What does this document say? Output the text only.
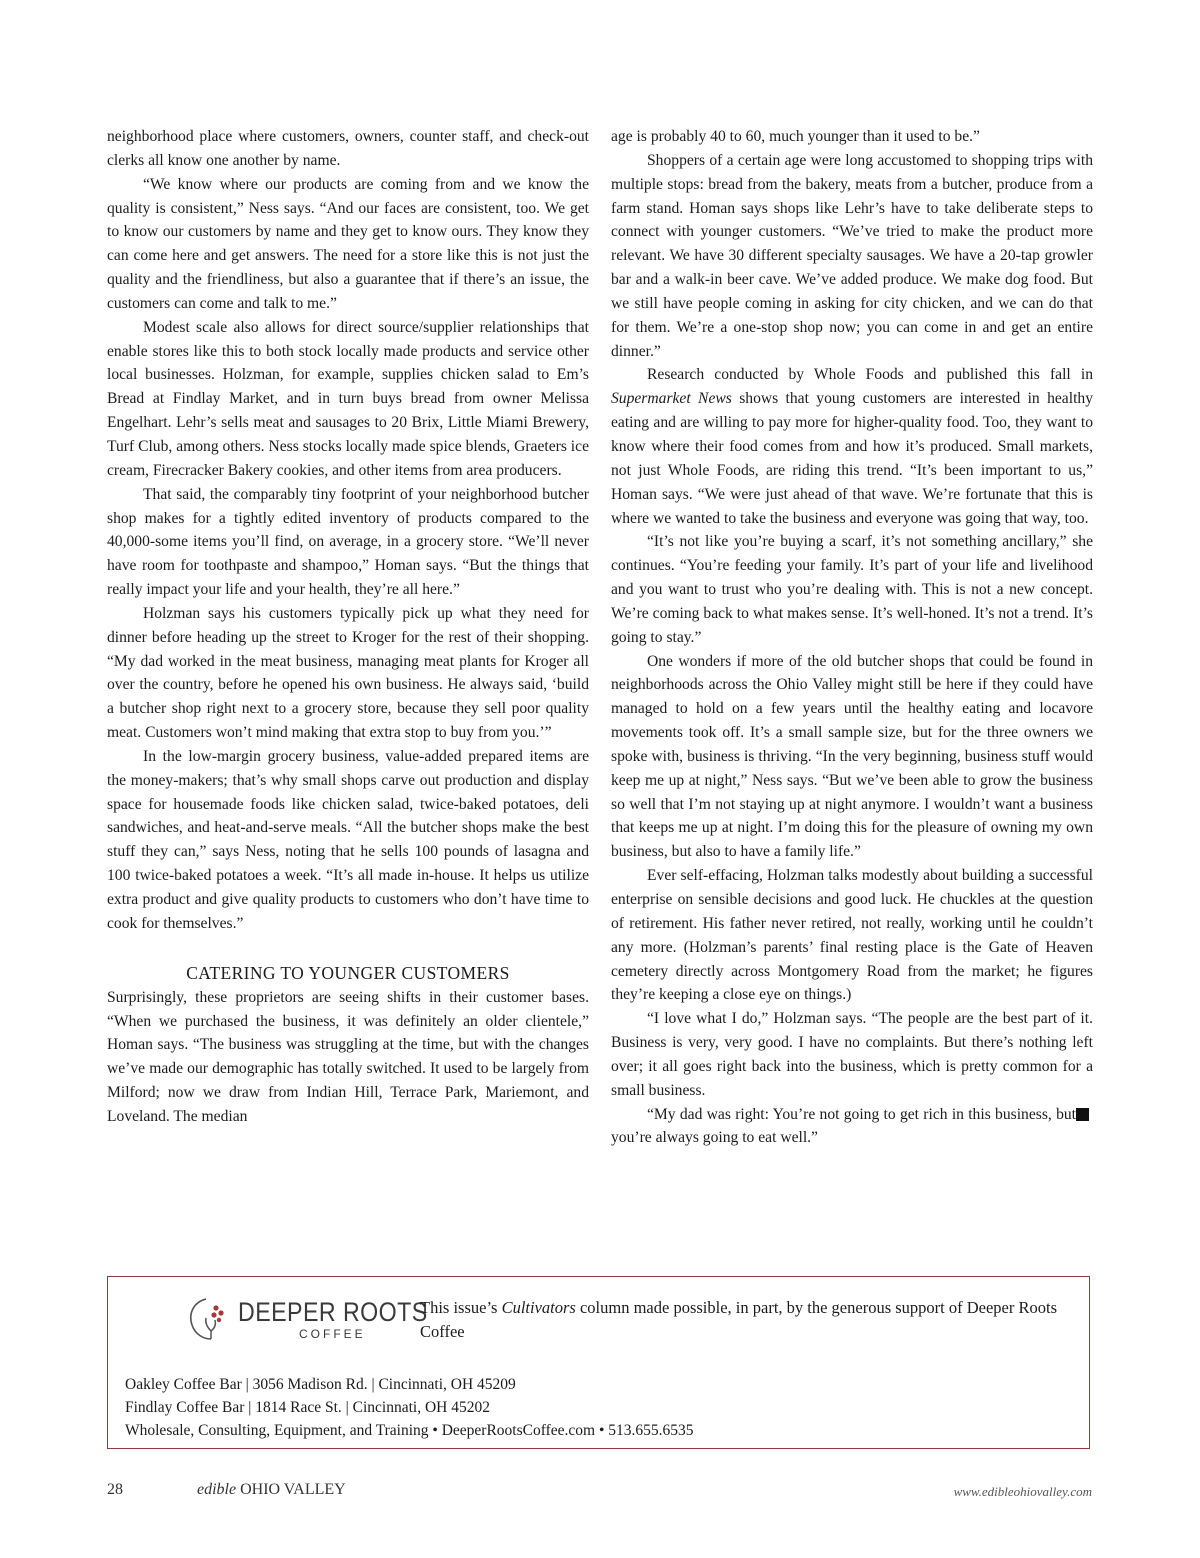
neighborhood place where customers, owners, counter staff, and check-out clerks all know one another by name.

“We know where our products are coming from and we know the quality is consistent,” Ness says. “And our faces are consistent, too. We get to know our customers by name and they get to know ours. They know they can come here and get answers. The need for a store like this is not just the quality and the friendliness, but also a guarantee that if there’s an issue, the customers can come and talk to me.”

Modest scale also allows for direct source/supplier relationships that enable stores like this to both stock locally made products and service other local businesses. Holzman, for example, supplies chicken salad to Em’s Bread at Findlay Market, and in turn buys bread from owner Melissa Engelhart. Lehr’s sells meat and sausages to 20 Brix, Little Miami Brewery, Turf Club, among others. Ness stocks locally made spice blends, Graeters ice cream, Firecracker Bakery cookies, and other items from area producers.

That said, the comparably tiny footprint of your neighborhood butcher shop makes for a tightly edited inventory of products compared to the 40,000-some items you’ll find, on average, in a grocery store. “We’ll never have room for toothpaste and shampoo,” Homan says. “But the things that really impact your life and your health, they’re all here.”

Holzman says his customers typically pick up what they need for dinner before heading up the street to Kroger for the rest of their shopping. “My dad worked in the meat business, managing meat plants for Kroger all over the country, before he opened his own business. He always said, ‘build a butcher shop right next to a grocery store, because they sell poor quality meat. Customers won’t mind making that extra stop to buy from you.’”

In the low-margin grocery business, value-added prepared items are the money-makers; that’s why small shops carve out production and display space for housemade foods like chicken salad, twice-baked potatoes, deli sandwiches, and heat-and-serve meals. “All the butcher shops make the best stuff they can,” says Ness, noting that he sells 100 pounds of lasagna and 100 twice-baked potatoes a week. “It’s all made in-house. It helps us utilize extra product and give quality products to customers who don’t have time to cook for themselves.”

CATERING TO YOUNGER CUSTOMERS

Surprisingly, these proprietors are seeing shifts in their customer bases. “When we purchased the business, it was definitely an older clientele,” Homan says. “The business was struggling at the time, but with the changes we’ve made our demographic has totally switched. It used to be largely from Milford; now we draw from Indian Hill, Terrace Park, Mariemont, and Loveland. The median

age is probably 40 to 60, much younger than it used to be.”

Shoppers of a certain age were long accustomed to shopping trips with multiple stops: bread from the bakery, meats from a butcher, produce from a farm stand. Homan says shops like Lehr’s have to take deliberate steps to connect with younger customers. “We’ve tried to make the product more relevant. We have 30 different specialty sausages. We have a 20-tap growler bar and a walk-in beer cave. We’ve added produce. We make dog food. But we still have people coming in asking for city chicken, and we can do that for them. We’re a one-stop shop now; you can come in and get an entire dinner.”

Research conducted by Whole Foods and published this fall in Supermarket News shows that young customers are interested in healthy eating and are willing to pay more for higher-quality food. Too, they want to know where their food comes from and how it’s produced. Small markets, not just Whole Foods, are riding this trend. “It’s been important to us,” Homan says. “We were just ahead of that wave. We’re fortunate that this is where we wanted to take the business and everyone was going that way, too.

“It’s not like you’re buying a scarf, it’s not something ancillary,” she continues. “You’re feeding your family. It’s part of your life and livelihood and you want to trust who you’re dealing with. This is not a new concept. We’re coming back to what makes sense. It’s well-honed. It’s not a trend. It’s going to stay.”

One wonders if more of the old butcher shops that could be found in neighborhoods across the Ohio Valley might still be here if they could have managed to hold on a few years until the healthy eating and locavore movements took off. It’s a small sample size, but for the three owners we spoke with, business is thriving. “In the very beginning, business stuff would keep me up at night,” Ness says. “But we’ve been able to grow the business so well that I’m not staying up at night anymore. I wouldn’t want a business that keeps me up at night. I’m doing this for the pleasure of owning my own business, but also to have a family life.”

Ever self-effacing, Holzman talks modestly about building a successful enterprise on sensible decisions and good luck. He chuckles at the question of retirement. His father never retired, not really, working until he couldn’t any more. (Holzman’s parents’ final resting place is the Gate of Heaven cemetery directly across Montgomery Road from the market; he figures they’re keeping a close eye on things.)

“I love what I do,” Holzman says. “The people are the best part of it. Business is very, very good. I have no complaints. But there’s nothing left over; it all goes right back into the business, which is pretty common for a small business.

“My dad was right: You’re not going to get rich in this business, but you’re always going to eat well.”

DEEPER ROOTS
COFFEE
This issue’s Cultivators column made possible, in part, by the generous support of Deeper Roots Coffee
Oakley Coffee Bar | 3056 Madison Rd. | Cincinnati, OH 45209
Findlay Coffee Bar | 1814 Race St. | Cincinnati, OH 45202
Wholesale, Consulting, Equipment, and Training • DeeperRootsCoffee.com • 513.655.6535
28	edible OHIO VALLEY	www.edibleohiovalley.com
